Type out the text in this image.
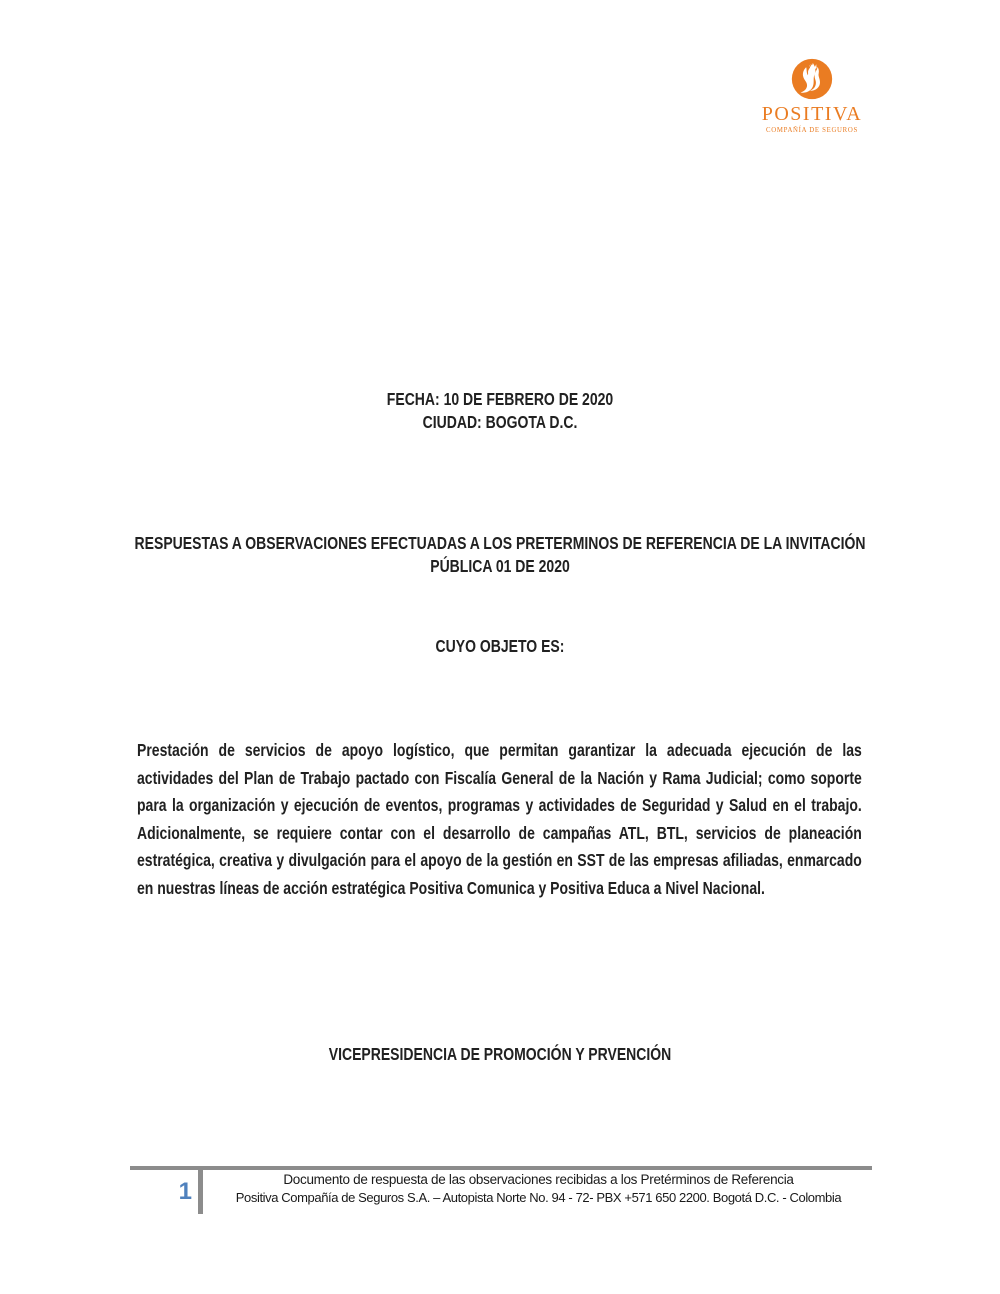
POSITIVA
COMPAÑÍA DE SEGUROS
FECHA: 10 DE FEBRERO DE 2020
CIUDAD: BOGOTA D.C.
RESPUESTAS A OBSERVACIONES EFECTUADAS A LOS PRETERMINOS DE REFERENCIA DE LA INVITACIÓN PÚBLICA 01 DE 2020
CUYO OBJETO ES:
Prestación de servicios de apoyo logístico, que permitan garantizar la adecuada ejecución de las actividades del Plan de Trabajo pactado con Fiscalía General de la Nación y Rama Judicial; como soporte para la organización y ejecución de eventos, programas y actividades de Seguridad y Salud en el trabajo. Adicionalmente, se requiere contar con el desarrollo de campañas ATL, BTL, servicios de planeación estratégica, creativa y divulgación para el apoyo de la gestión en SST de las empresas afiliadas, enmarcado en nuestras líneas de acción estratégica Positiva Comunica y Positiva Educa a Nivel Nacional.
VICEPRESIDENCIA DE PROMOCIÓN Y PRVENCIÓN
1	Documento de respuesta de las observaciones recibidas a los Pretérminos de Referencia
Positiva Compañía de Seguros S.A. – Autopista Norte No. 94 - 72- PBX +571 650 2200. Bogotá D.C. - Colombia
